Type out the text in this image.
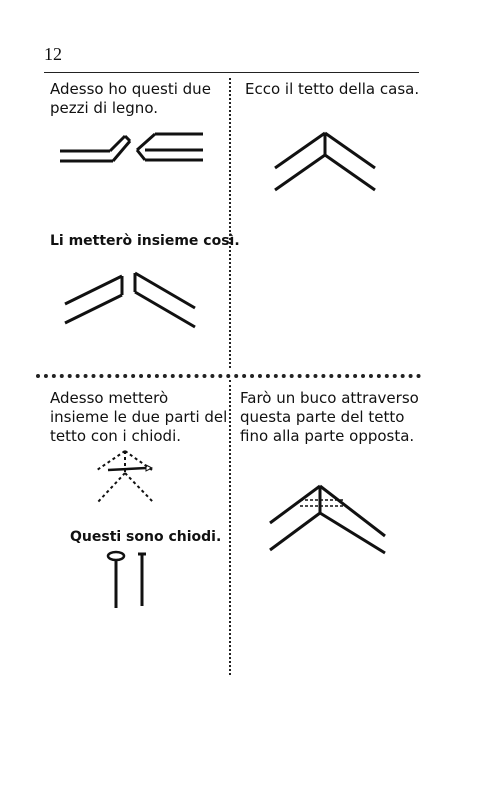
12
Adesso ho questi due pezzi di legno.
Li metterò insieme così.
Ecco il tetto della casa.
Adesso metterò insieme le due parti del tetto con i chiodi.
Questi sono chiodi.
Farò un buco attraverso questa parte del tetto fino alla parte opposta.
